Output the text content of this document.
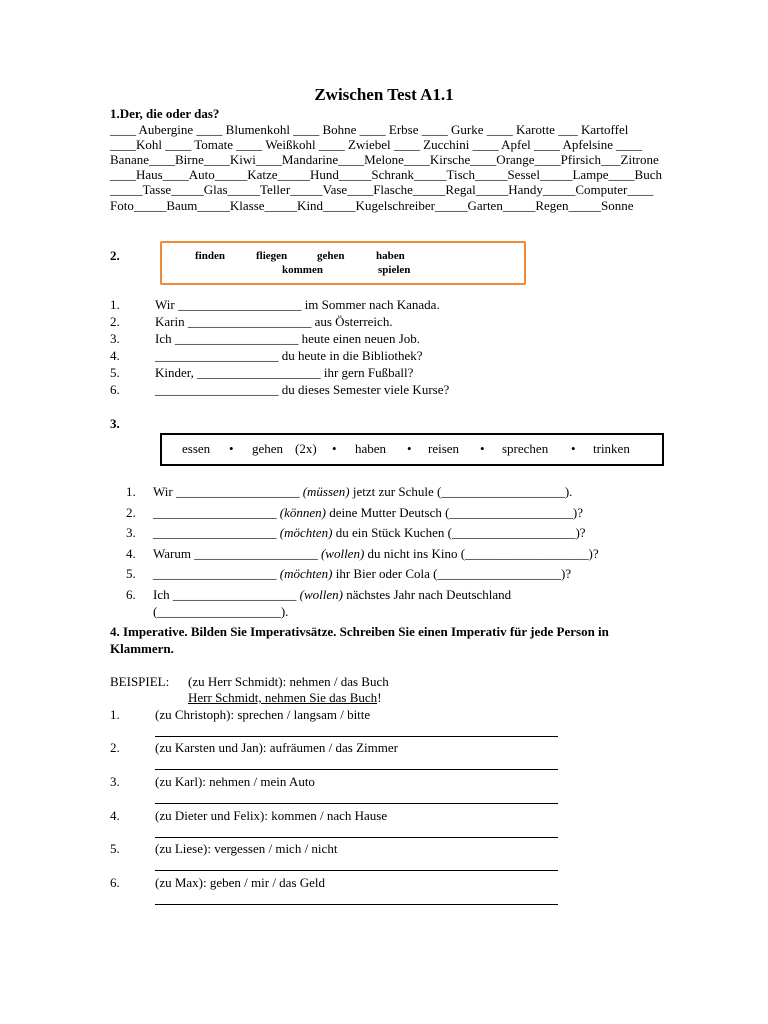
Zwischen Test A1.1
1.Der, die oder das?
____ Aubergine ____ Blumenkohl ____ Bohne ____ Erbse ____ Gurke ____ Karotte ___ Kartoffel
____Kohl ____ Tomate ____ Weißkohl ____ Zwiebel ____ Zucchini ____ Apfel ____ Apfelsine ____
Banane____Birne____Kiwi____Mandarine____Melone____Kirsche____Orange____Pfirsich___Zitrone
____Haus____Auto_____Katze_____Hund_____Schrank_____Tisch_____Sessel_____Lampe____Buch
_____Tasse_____Glas_____Teller_____Vase____Flasche_____Regal_____Handy_____Computer____
Foto_____Baum_____Klasse_____Kind_____Kugelschreiber_____Garten_____Regen_____Sonne
2.	finden	fliegen	gehen	haben
kommen	spielen
1.	Wir ___________________ im Sommer nach Kanada.
2.	Karin ___________________ aus Österreich.
3.	Ich ___________________ heute einen neuen Job.
4.	___________________ du heute in die Bibliothek?
5.	Kinder, ___________________ ihr gern Fußball?
6.	___________________ du dieses Semester viele Kurse?
3.
essen • gehen (2x) • haben • reisen • sprechen • trinken
1. Wir ___________________ (müssen) jetzt zur Schule (___________________).
2. ___________________ (können) deine Mutter Deutsch (___________________)?
3. ___________________ (möchten) du ein Stück Kuchen (___________________)?
4. Warum ___________________ (wollen) du nicht ins Kino (___________________)?
5. ___________________ (möchten) ihr Bier oder Cola (___________________)?
6. Ich ___________________ (wollen) nächstes Jahr nach Deutschland
(___________________).
4. Imperative. Bilden Sie Imperativsätze. Schreiben Sie einen Imperativ für jede Person in
Klammern.
BEISPIEL: (zu Herr Schmidt): nehmen / das Buch
Herr Schmidt, nehmen Sie das Buch!
1.	(zu Christoph): sprechen / langsam / bitte
2.	(zu Karsten und Jan): aufräumen / das Zimmer
3.	(zu Karl): nehmen / mein Auto
4.	(zu Dieter und Felix): kommen / nach Hause
5.	(zu Liese): vergessen / mich / nicht
6.	(zu Max): geben / mir / das Geld
